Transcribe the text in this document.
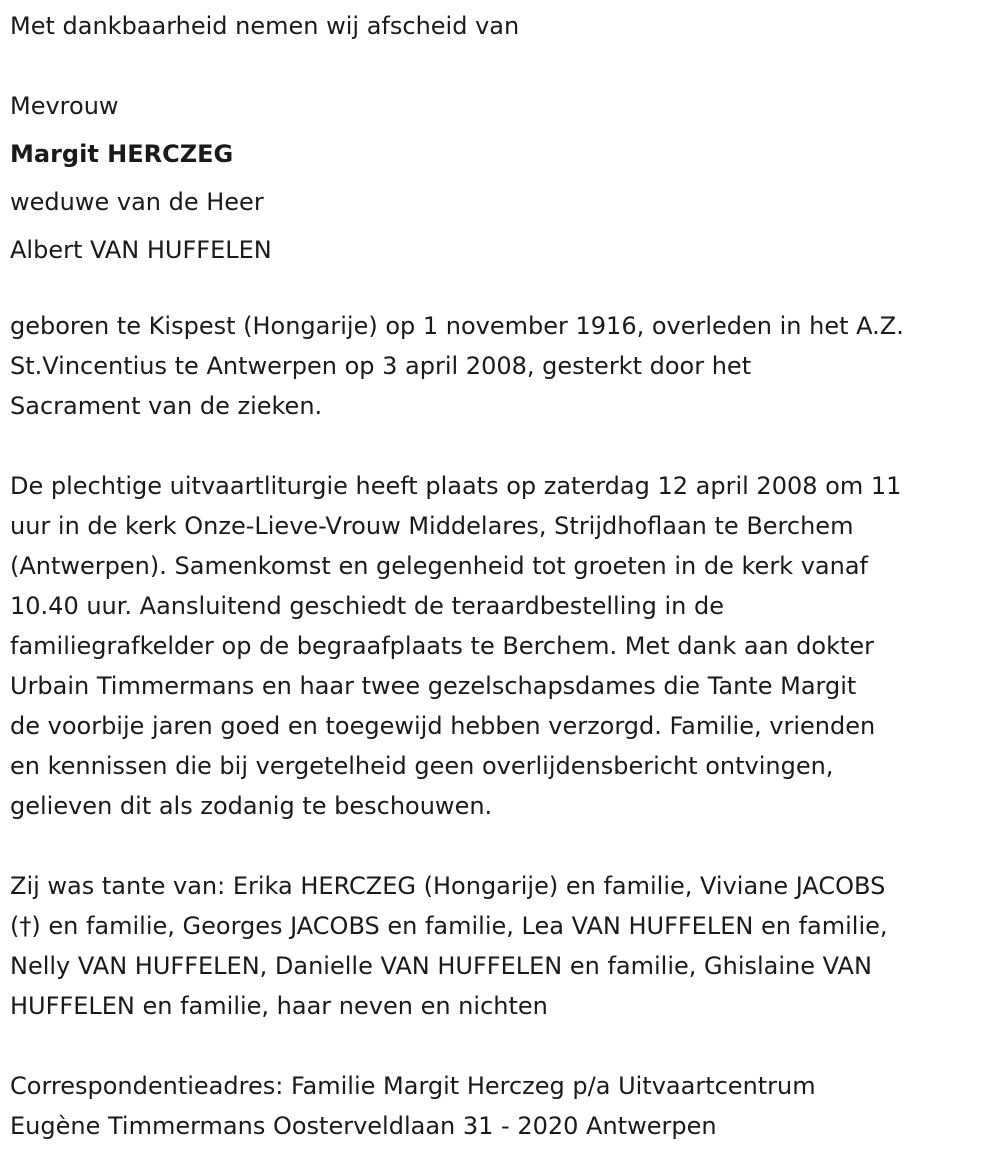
Met dankbaarheid nemen wij afscheid van

Mevrouw

Margit HERCZEG

weduwe van de Heer

Albert VAN HUFFELEN

geboren te Kispest (Hongarije) op 1 november 1916, overleden in het A.Z.
St.Vincentius te Antwerpen op 3 april 2008, gesterkt door het
Sacrament van de zieken.

De plechtige uitvaartliturgie heeft plaats op zaterdag 12 april 2008 om 11
uur in de kerk Onze-Lieve-Vrouw Middelares, Strijdhoflaan te Berchem
(Antwerpen). Samenkomst en gelegenheid tot groeten in de kerk vanaf
10.40 uur. Aansluitend geschiedt de teraardbestelling in de
familiegrafkelder op de begraafplaats te Berchem. Met dank aan dokter
Urbain Timmermans en haar twee gezelschapsdames die Tante Margit
de voorbije jaren goed en toegewijd hebben verzorgd. Familie, vrienden
en kennissen die bij vergetelheid geen overlijdensbericht ontvingen,
gelieven dit als zodanig te beschouwen.

Zij was tante van: Erika HERCZEG (Hongarije) en familie, Viviane JACOBS
(†) en familie, Georges JACOBS en familie, Lea VAN HUFFELEN en familie,
Nelly VAN HUFFELEN, Danielle VAN HUFFELEN en familie, Ghislaine VAN
HUFFELEN en familie, haar neven en nichten

Correspondentieadres: Familie Margit Herczeg p/a Uitvaartcentrum
Eugène Timmermans Oosterveldlaan 31 - 2020 Antwerpen
